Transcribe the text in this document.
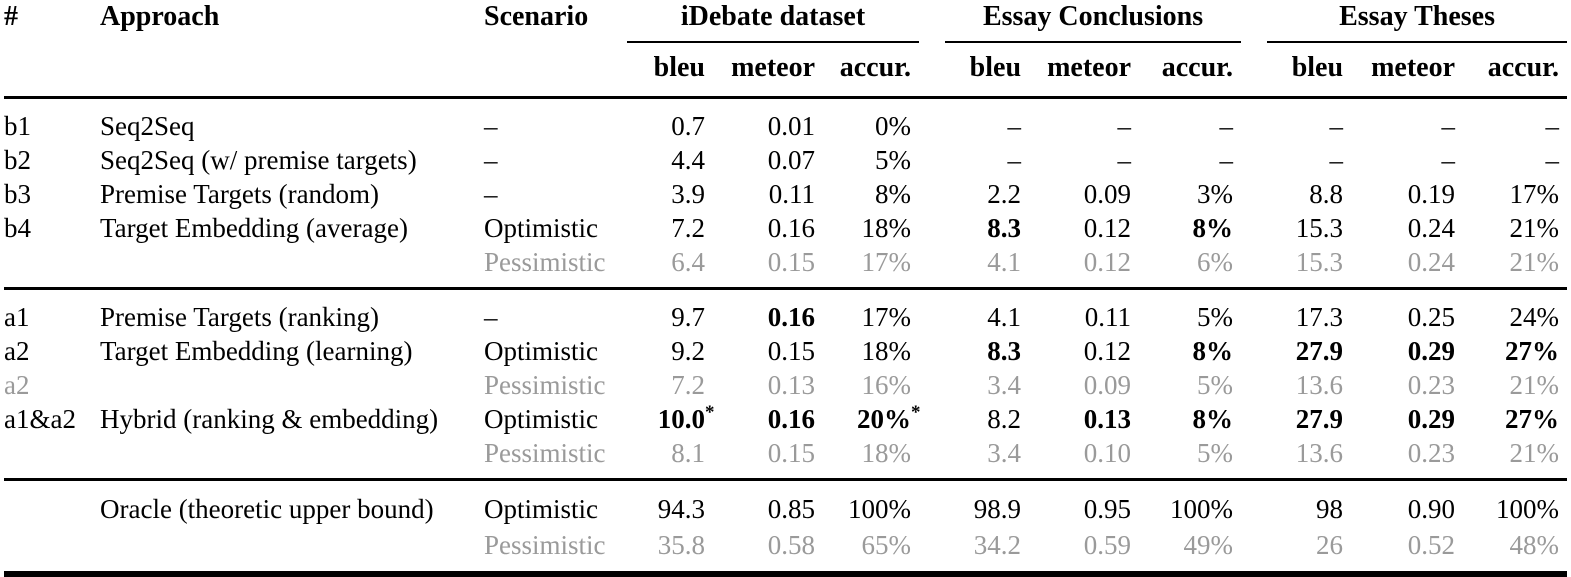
#	Approach	Scenario	iDebate dataset				Essay Conclusions				Essay Theses		
			bleu	meteor	accur.		bleu	meteor	accur.		bleu	meteor	accur.
b1	Seq2Seq	–	0.7	0.01	0%		–	–	–		–	–	–
b2	Seq2Seq (w/ premise targets)	–	4.4	0.07	5%		–	–	–		–	–	–
b3	Premise Targets (random)	–	3.9	0.11	8%		2.2	0.09	3%		8.8	0.19	17%
b4	Target Embedding (average)	Optimistic	7.2	0.16	18%		8.3	0.12	8%		15.3	0.24	21%
		Pessimistic	6.4	0.15	17%		4.1	0.12	6%		15.3	0.24	21%
a1	Premise Targets (ranking)	–	9.7	0.16	17%		4.1	0.11	5%		17.3	0.25	24%
a2	Target Embedding (learning)	Optimistic	9.2	0.15	18%		8.3	0.12	8%		27.9	0.29	27%
a2		Pessimistic	7.2	0.13	16%		3.4	0.09	5%		13.6	0.23	21%
a1&a2	Hybrid (ranking & embedding)	Optimistic	10.0*	0.16	20%*		8.2	0.13	8%		27.9	0.29	27%
		Pessimistic	8.1	0.15	18%		3.4	0.10	5%		13.6	0.23	21%
	Oracle (theoretic upper bound)	Optimistic	94.3	0.85	100%		98.9	0.95	100%		98	0.90	100%
		Pessimistic	35.8	0.58	65%		34.2	0.59	49%		26	0.52	48%
